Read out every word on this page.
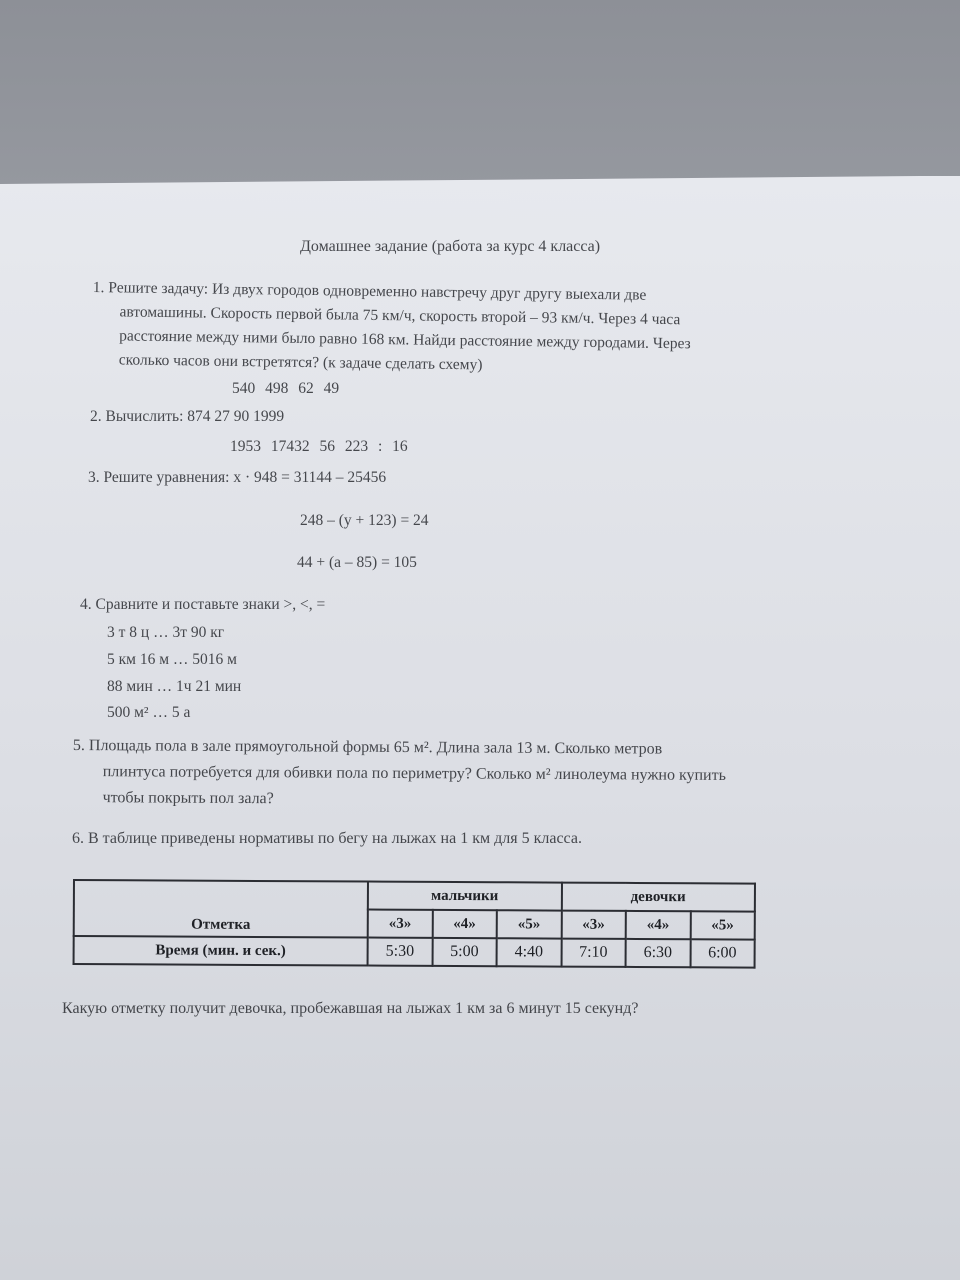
Домашнее задание (работа за курс 4 класса)
1. Решите задачу: Из двух городов одновременно навстречу друг другу выехали две
автомашины. Скорость первой была 75 км/ч, скорость второй – 93 км/ч. Через 4 часа
расстояние между ними было равно 168 км. Найди расстояние между городами. Через
сколько часов они встретятся? (к задаче сделать схему)
540 498 62 49
2. Вычислить: 874 27 90 1999
1953 17432 56 223 : 16
3. Решите уравнения: x · 948 = 31144 – 25456
248 – (y + 123) = 24
44 + (a – 85) = 105
4. Сравните и поставьте знаки >, <, =
3 т 8 ц … 3т 90 кг
5 км 16 м … 5016 м
88 мин … 1ч 21 мин
500 м² … 5 а
5. Площадь пола в зале прямоугольной формы 65 м². Длина зала 13 м. Сколько метров
плинтуса потребуется для обивки пола по периметру? Сколько м² линолеума нужно купить
чтобы покрыть пол зала?
6. В таблице приведены нормативы по бегу на лыжах на 1 км для 5 класса.
Отметка	мальчики			девочки		
	«3»	«4»	«5»	«3»	«4»	«5»
Время (мин. и сек.)	5:30	5:00	4:40	7:10	6:30	6:00
Какую отметку получит девочка, пробежавшая на лыжах 1 км за 6 минут 15 секунд?
